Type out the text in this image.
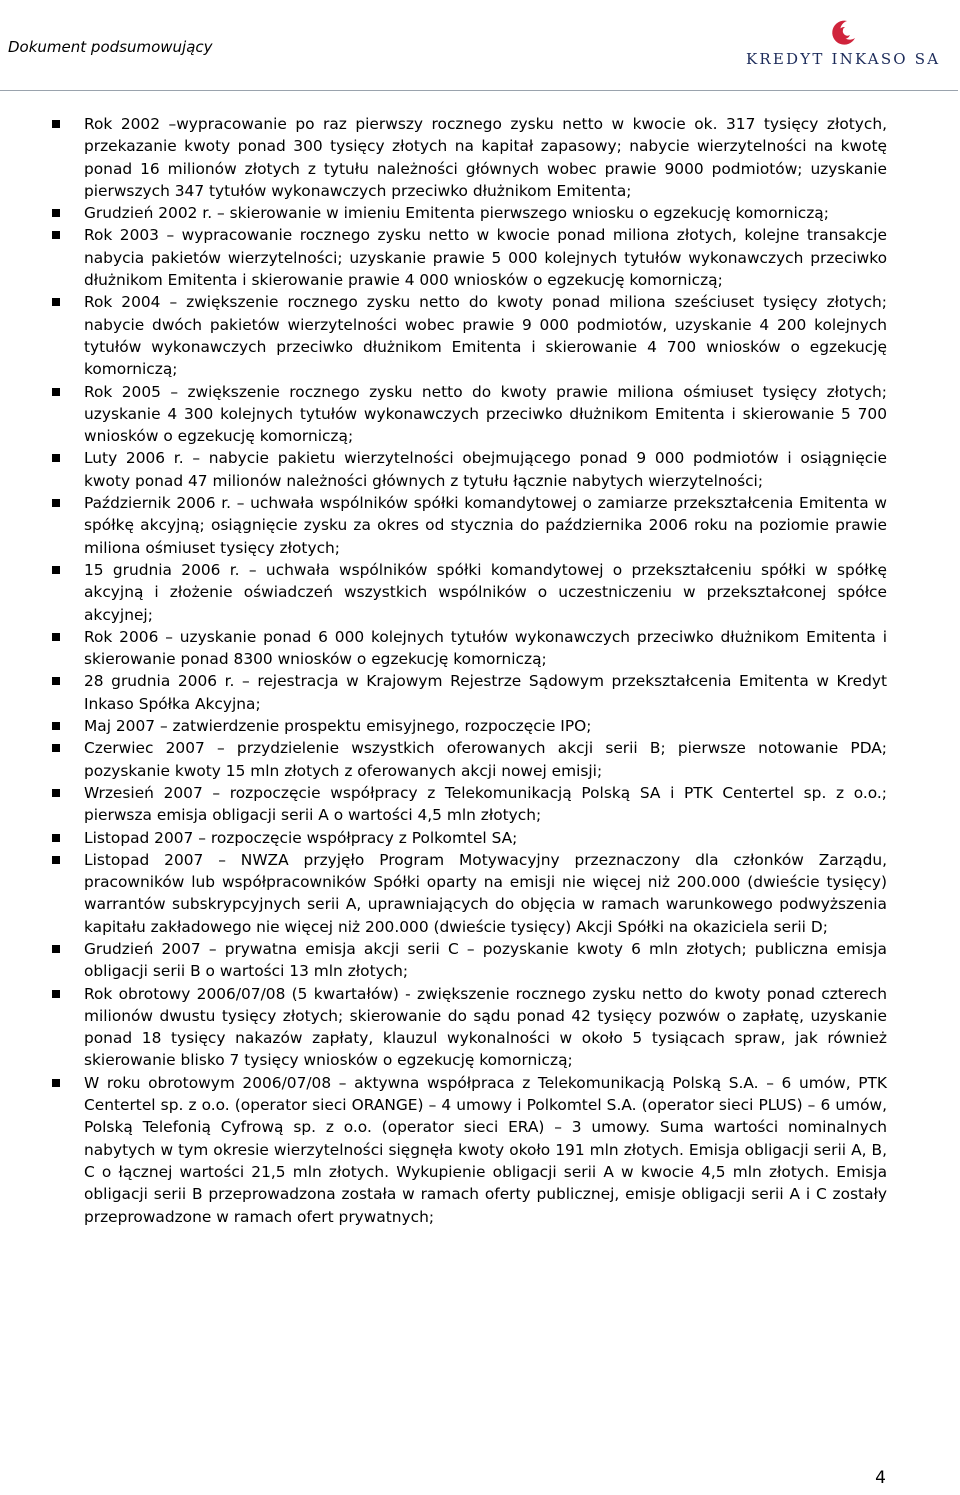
Dokument podsumowujący
KREDYT INKASO SA
Rok 2002 –wypracowanie po raz pierwszy rocznego zysku netto w kwocie ok. 317 tysięcy złotych, przekazanie kwoty ponad 300 tysięcy złotych na kapitał zapasowy; nabycie wierzytelności na kwotę ponad 16 milionów złotych z tytułu należności głównych wobec prawie 9000 podmiotów; uzyskanie pierwszych 347 tytułów wykonawczych przeciwko dłużnikom Emitenta;
Grudzień 2002 r. – skierowanie w imieniu Emitenta pierwszego wniosku o egzekucję komorniczą;
Rok 2003 – wypracowanie rocznego zysku netto w kwocie ponad miliona złotych, kolejne transakcje nabycia pakietów wierzytelności; uzyskanie prawie 5 000 kolejnych tytułów wykonawczych przeciwko dłużnikom Emitenta i skierowanie prawie 4 000 wniosków o egzekucję komorniczą;
Rok 2004 – zwiększenie rocznego zysku netto do kwoty ponad miliona sześciuset tysięcy złotych; nabycie dwóch pakietów wierzytelności wobec prawie 9 000 podmiotów, uzyskanie 4 200 kolejnych tytułów wykonawczych przeciwko dłużnikom Emitenta i skierowanie 4 700 wniosków o egzekucję komorniczą;
Rok 2005 – zwiększenie rocznego zysku netto do kwoty prawie miliona ośmiuset tysięcy złotych; uzyskanie 4 300 kolejnych tytułów wykonawczych przeciwko dłużnikom Emitenta i skierowanie 5 700 wniosków o egzekucję komorniczą;
Luty 2006 r. – nabycie pakietu wierzytelności obejmującego ponad 9 000 podmiotów i osiągnięcie kwoty ponad 47 milionów należności głównych z tytułu łącznie nabytych wierzytelności;
Październik 2006 r. – uchwała wspólników spółki komandytowej o zamiarze przekształcenia Emitenta w spółkę akcyjną; osiągnięcie zysku za okres od stycznia do października 2006 roku na poziomie prawie miliona ośmiuset tysięcy złotych;
15 grudnia 2006 r. – uchwała wspólników spółki komandytowej o przekształceniu spółki w spółkę akcyjną i złożenie oświadczeń wszystkich wspólników o uczestniczeniu w przekształconej spółce akcyjnej;
Rok 2006 – uzyskanie ponad 6 000 kolejnych tytułów wykonawczych przeciwko dłużnikom Emitenta i skierowanie ponad 8300 wniosków o egzekucję komorniczą;
28 grudnia 2006 r. – rejestracja w Krajowym Rejestrze Sądowym przekształcenia Emitenta w Kredyt Inkaso Spółka Akcyjna;
Maj 2007 – zatwierdzenie prospektu emisyjnego, rozpoczęcie IPO;
Czerwiec 2007 – przydzielenie wszystkich oferowanych akcji serii B; pierwsze notowanie PDA; pozyskanie kwoty 15 mln złotych z oferowanych akcji nowej emisji;
Wrzesień 2007 – rozpoczęcie współpracy z Telekomunikacją Polską SA i PTK Centertel sp. z o.o.; pierwsza emisja obligacji serii A o wartości 4,5 mln złotych;
Listopad 2007 – rozpoczęcie współpracy z Polkomtel SA;
Listopad 2007 – NWZA przyjęło Program Motywacyjny przeznaczony dla członków Zarządu, pracowników lub współpracowników Spółki oparty na emisji nie więcej niż 200.000 (dwieście tysięcy) warrantów subskrypcyjnych serii A, uprawniających do objęcia w ramach warunkowego podwyższenia kapitału zakładowego nie więcej niż 200.000 (dwieście tysięcy) Akcji Spółki na okaziciela serii D;
Grudzień 2007 – prywatna emisja akcji serii C – pozyskanie kwoty 6 mln złotych; publiczna emisja obligacji serii B o wartości 13 mln złotych;
Rok obrotowy 2006/07/08 (5 kwartałów) - zwiększenie rocznego zysku netto do kwoty ponad czterech milionów dwustu tysięcy złotych; skierowanie do sądu ponad 42 tysięcy pozwów o zapłatę, uzyskanie ponad 18 tysięcy nakazów zapłaty, klauzul wykonalności w około 5 tysiącach spraw, jak również skierowanie blisko 7 tysięcy wniosków o egzekucję komorniczą;
W roku obrotowym 2006/07/08 – aktywna współpraca z Telekomunikacją Polską S.A. – 6 umów, PTK Centertel sp. z o.o. (operator sieci ORANGE) – 4 umowy i Polkomtel S.A. (operator sieci PLUS) – 6 umów, Polską Telefonią Cyfrową sp. z o.o. (operator sieci ERA) – 3 umowy. Suma wartości nominalnych nabytych w tym okresie wierzytelności sięgnęła kwoty około 191 mln złotych. Emisja obligacji serii A, B, C o łącznej wartości 21,5 mln złotych. Wykupienie obligacji serii A w kwocie 4,5 mln złotych. Emisja obligacji serii B przeprowadzona została w ramach oferty publicznej, emisje obligacji serii A i C zostały przeprowadzone w ramach ofert prywatnych;
4
